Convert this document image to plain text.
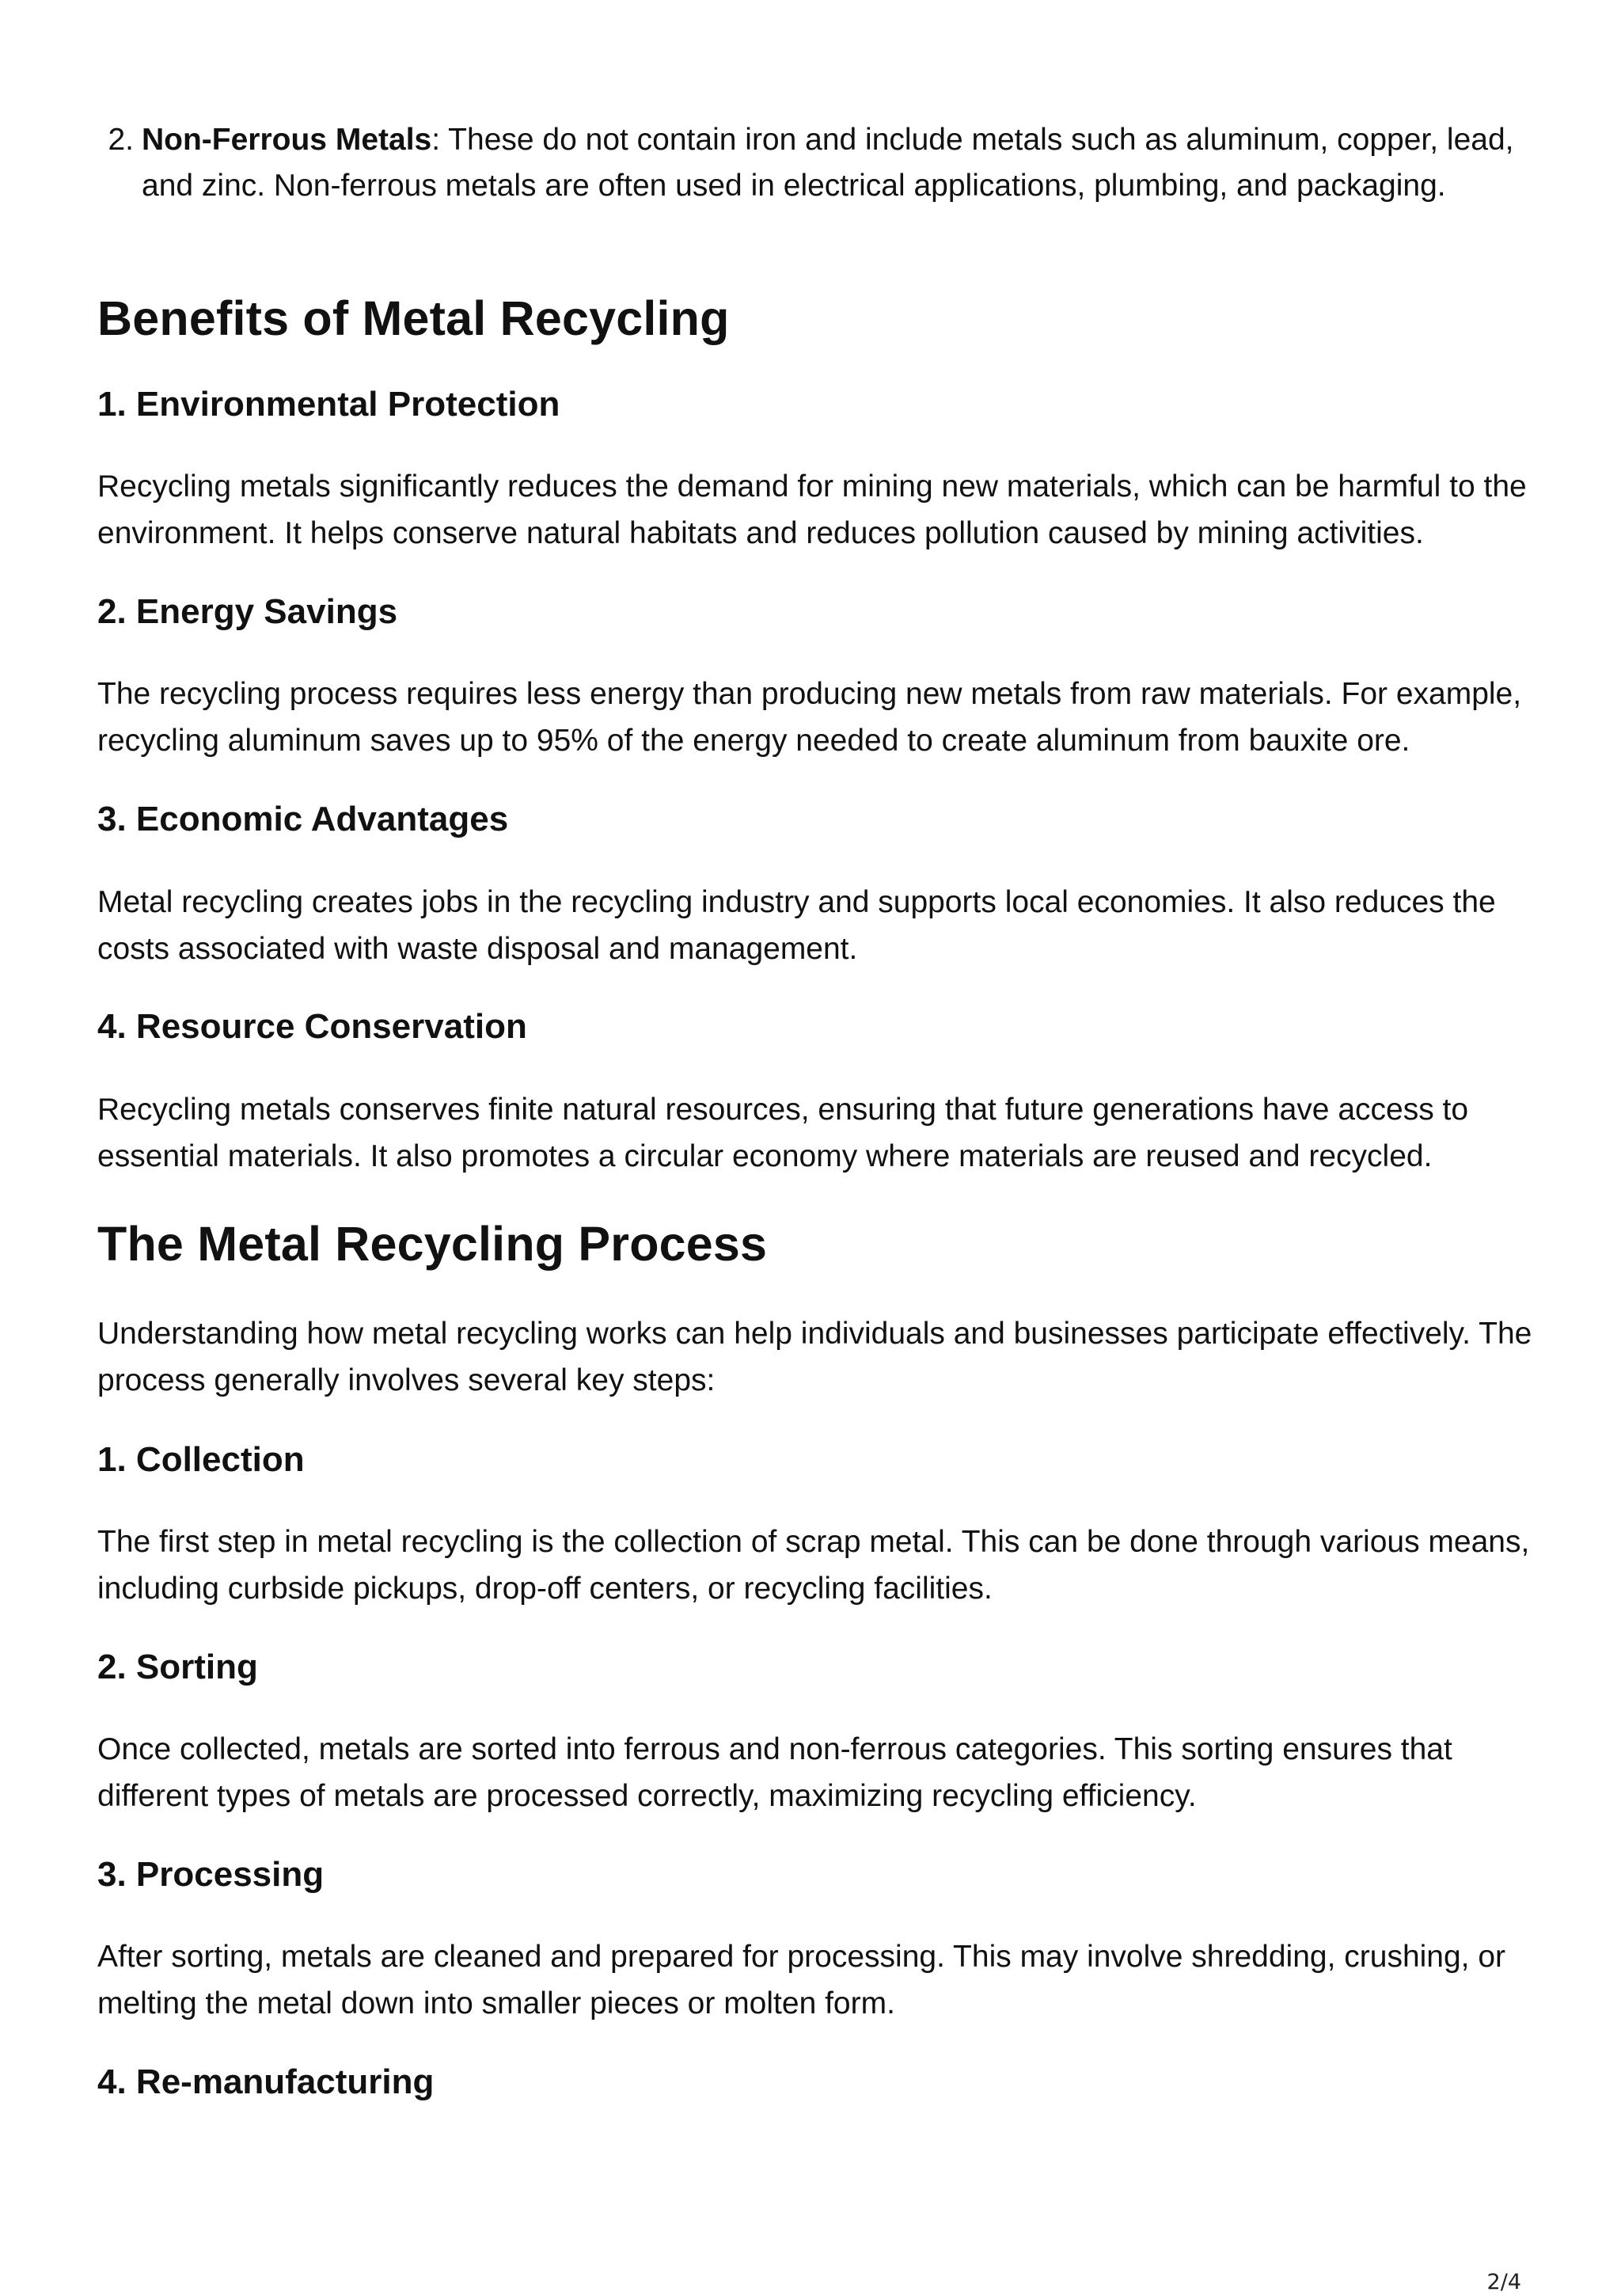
2. Non-Ferrous Metals: These do not contain iron and include metals such as aluminum, copper, lead, and zinc. Non-ferrous metals are often used in electrical applications, plumbing, and packaging.
Benefits of Metal Recycling
1. Environmental Protection

Recycling metals significantly reduces the demand for mining new materials, which can be harmful to the environment. It helps conserve natural habitats and reduces pollution caused by mining activities.

2. Energy Savings

The recycling process requires less energy than producing new metals from raw materials. For example, recycling aluminum saves up to 95% of the energy needed to create aluminum from bauxite ore.

3. Economic Advantages

Metal recycling creates jobs in the recycling industry and supports local economies. It also reduces the costs associated with waste disposal and management.

4. Resource Conservation

Recycling metals conserves finite natural resources, ensuring that future generations have access to essential materials. It also promotes a circular economy where materials are reused and recycled.

The Metal Recycling Process

Understanding how metal recycling works can help individuals and businesses participate effectively. The process generally involves several key steps:

1. Collection

The first step in metal recycling is the collection of scrap metal. This can be done through various means, including curbside pickups, drop-off centers, or recycling facilities.

2. Sorting

Once collected, metals are sorted into ferrous and non-ferrous categories. This sorting ensures that different types of metals are processed correctly, maximizing recycling efficiency.

3. Processing

After sorting, metals are cleaned and prepared for processing. This may involve shredding, crushing, or melting the metal down into smaller pieces or molten form.

4. Re-manufacturing
2/4
